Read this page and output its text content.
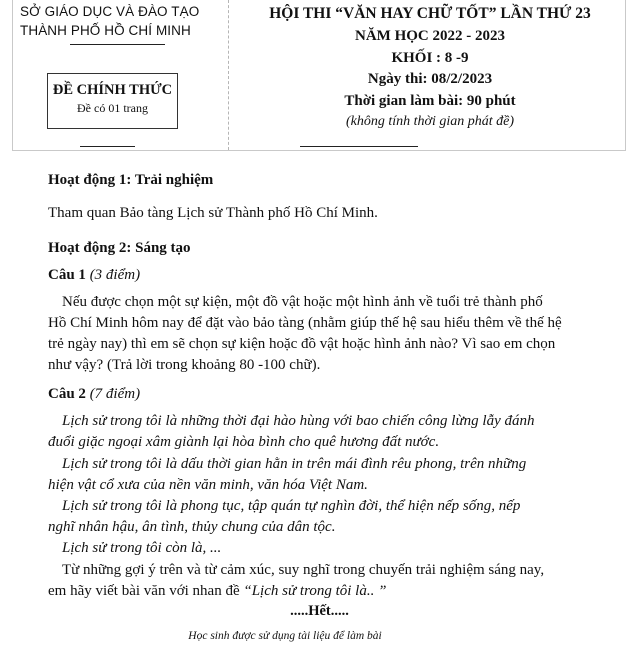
SỞ GIÁO DỤC VÀ ĐÀO TẠO
THÀNH PHỐ HỒ CHÍ MINH
ĐỀ CHÍNH THỨC
Đề có 01 trang
HỘI THI “VĂN HAY CHỮ TỐT” LẦN THỨ 23
NĂM HỌC 2022 - 2023
KHỐI : 8 -9
Ngày thi: 08/2/2023
Thời gian làm bài: 90 phút
(không tính thời gian phát đề)
Hoạt động 1: Trải nghiệm
Tham quan Bảo tàng Lịch sử Thành phố Hồ Chí Minh.
Hoạt động 2: Sáng tạo
Câu 1 (3 điểm)
Nếu được chọn một sự kiện, một đồ vật hoặc một hình ảnh về tuổi trẻ thành phố
Hồ Chí Minh hôm nay để đặt vào bảo tàng (nhằm giúp thế hệ sau hiểu thêm về thế hệ
trẻ ngày nay) thì em sẽ chọn sự kiện hoặc đồ vật hoặc hình ảnh nào? Vì sao em chọn
như vậy? (Trả lời trong khoảng 80 -100 chữ).
Câu 2 (7 điểm)
Lịch sử trong tôi là những thời đại hào hùng với bao chiến công lừng lẫy đánh
đuổi giặc ngoại xâm giành lại hòa bình cho quê hương đất nước.
Lịch sử trong tôi là dấu thời gian hằn in trên mái đình rêu phong, trên những
hiện vật cổ xưa của nền văn minh, văn hóa Việt Nam.
Lịch sử trong tôi là phong tục, tập quán tự nghìn đời, thể hiện nếp sống, nếp
nghĩ nhân hậu, ân tình, thủy chung của dân tộc.
Lịch sử trong tôi còn là, ...
Từ những gợi ý trên và từ cảm xúc, suy nghĩ trong chuyến trải nghiệm sáng nay,
em hãy viết bài văn với nhan đề “Lịch sử trong tôi là.. ”
.....Hết.....
Học sinh được sử dụng tài liệu để làm bài
